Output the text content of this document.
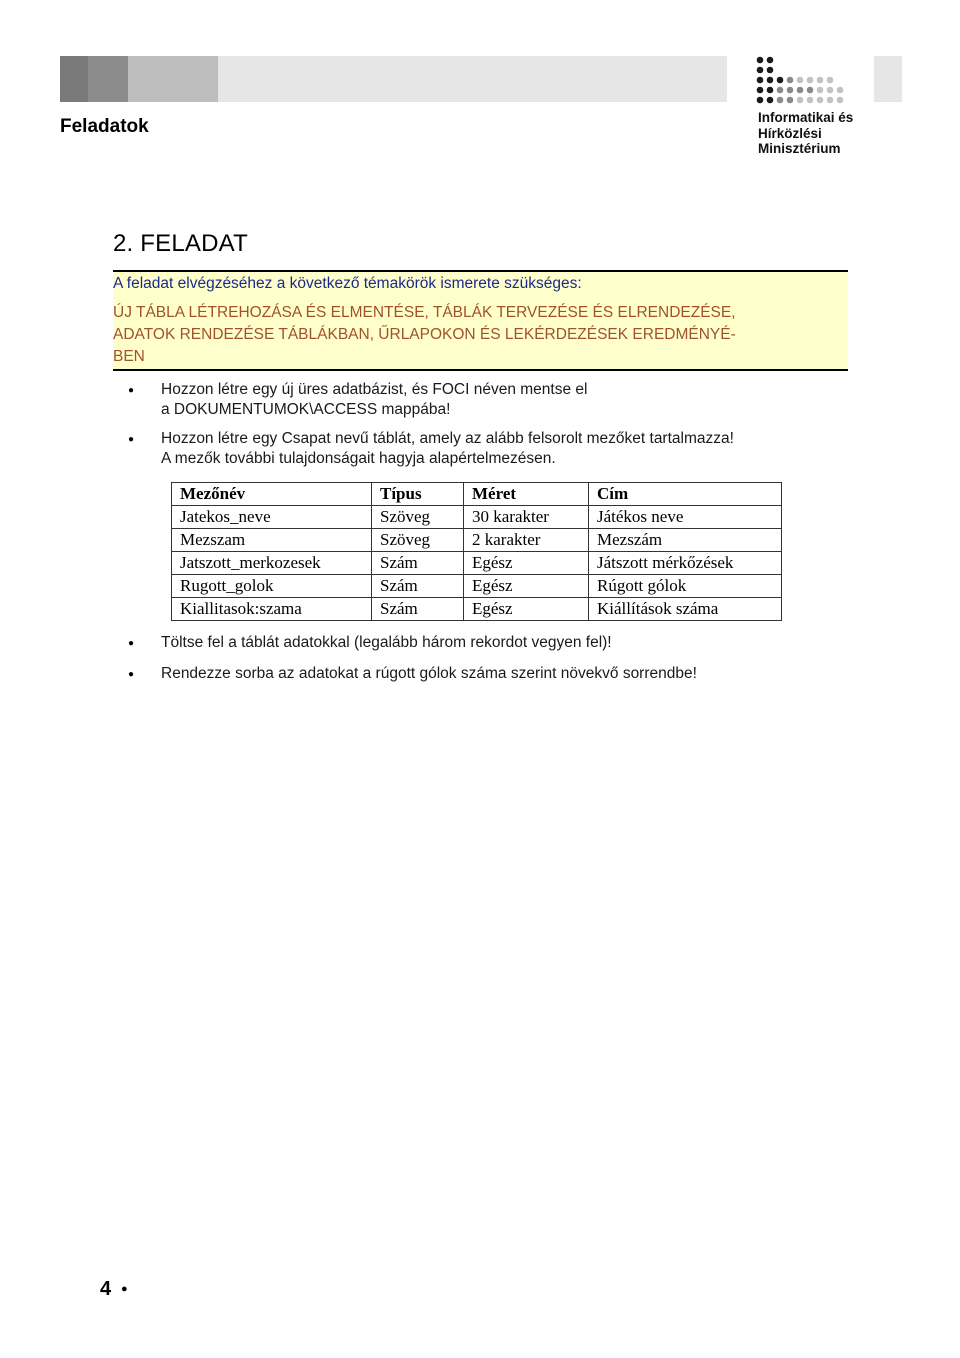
Feladatok	Informatikai és
Hírközlési
Minisztérium
2. FELADAT
A feladat elvégzéséhez a következő témakörök ismerete szükséges:
ÚJ TÁBLA LÉTREHOZÁSA ÉS ELMENTÉSE, TÁBLÁK TERVEZÉSE ÉS ELRENDEZÉSE,
ADATOK RENDEZÉSE TÁBLÁKBAN, ŰRLAPOKON ÉS LEKÉRDEZÉSEK EREDMÉNYÉ-
BEN
● Hozzon létre egy új üres adatbázist, és FOCI néven mentse el
a DOKUMENTUMOK\ACCESS mappába!
● Hozzon létre egy Csapat nevű táblát, amely az alább felsorolt mezőket tartalmazza!
A mezők további tulajdonságait hagyja alapértelmezésen.
Mezőnév	Típus	Méret	Cím
Jatekos_neve	Szöveg	30 karakter	Játékos neve
Mezszam	Szöveg	2 karakter	Mezszám
Jatszott_merkozesek	Szám	Egész	Játszott mérkőzések
Rugott_golok	Szám	Egész	Rúgott gólok
Kiallitasok:szama	Szám	Egész	Kiállítások száma
● Töltse fel a táblát adatokkal (legalább három rekordot vegyen fel)!
● Rendezze sorba az adatokat a rúgott gólok száma szerint növekvő sorrendbe!
4 ●
